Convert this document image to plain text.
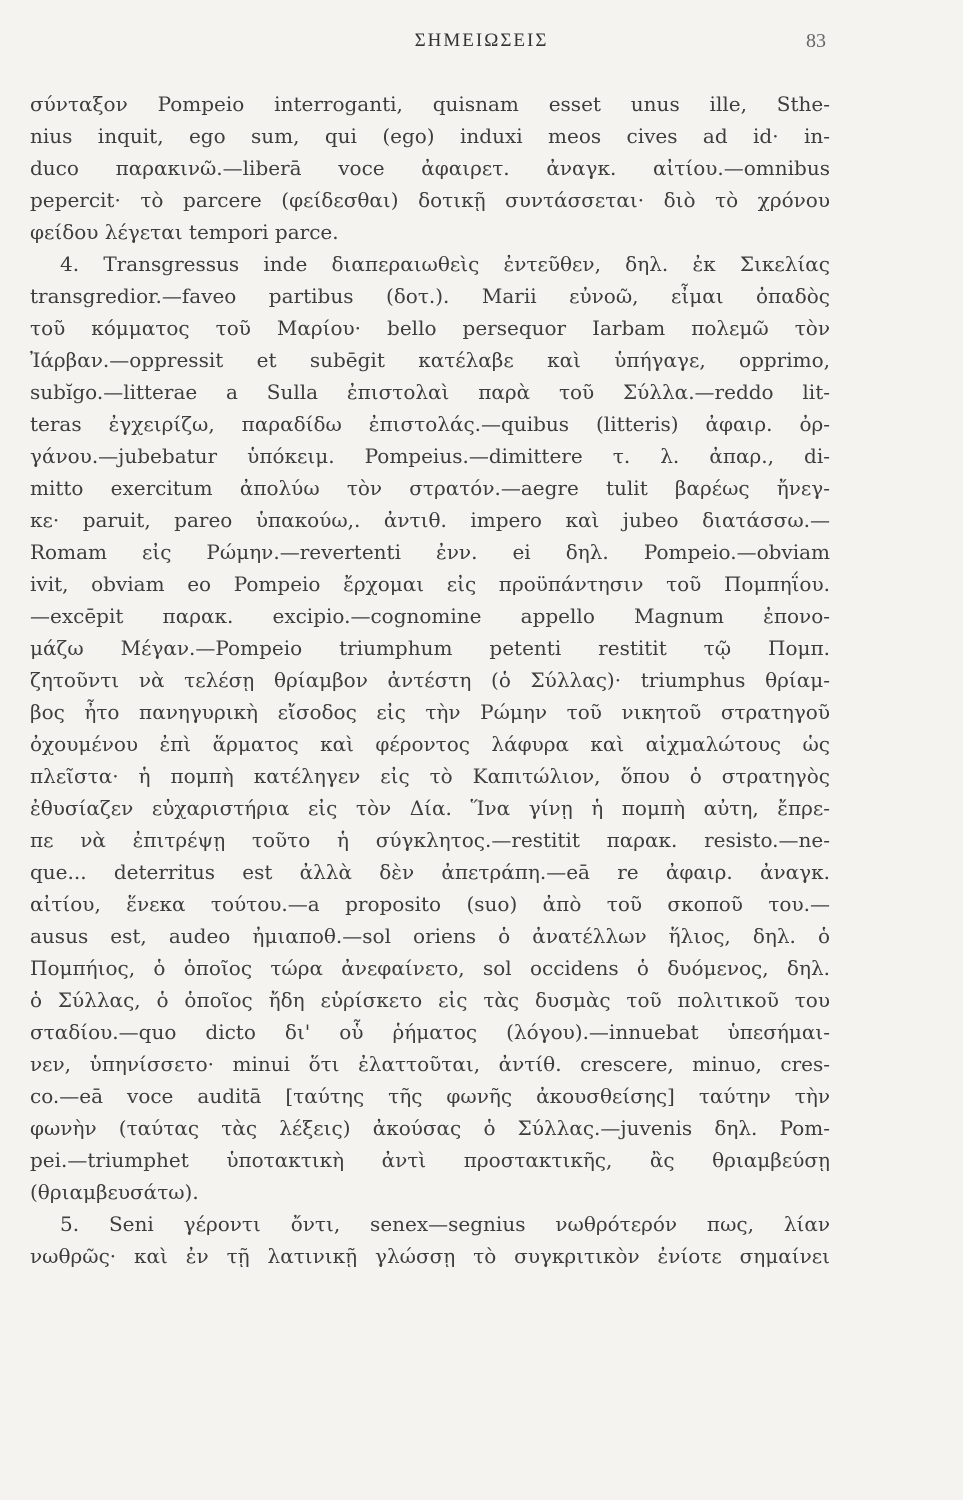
ΣΗΜΕΙΩΣΕΙΣ	83
σύνταξον Pompeio interroganti, quisnam esset unus ille, Sthe-
nius inquit, ego sum, qui (ego) induxi meos cives ad id· in-
duco παρακινῶ.—liberā voce ἀφαιρετ. ἀναγκ. αἰτίου.—omnibus
pepercit· τὸ parcere (φείδεσθαι) δοτικῇ συντάσσεται· διὸ τὸ χρόνου
φείδου λέγεται tempori parce.
4. Transgressus inde διαπεραιωθεὶς ἐντεῦθεν, δηλ. ἐκ Σικελίας
transgredior.—faveo partibus (δοτ.). Marii εὐνοῶ, εἶμαι ὀπαδὸς
τοῦ κόμματος τοῦ Μαρίου· bello persequor Iarbam πολεμῶ τὸν
Ἰάρβαν.—oppressit et subēgit κατέλαβε καὶ ὑπήγαγε, opprimo,
subĭgo.—litterae a Sulla ἐπιστολαὶ παρὰ τοῦ Σύλλα.—reddo lit-
teras ἐγχειρίζω, παραδίδω ἐπιστολάς.—quibus (litteris) ἀφαιρ. ὀρ-
γάνου.—jubebatur ὑπόκειμ. Pompeius.—dimittere τ. λ. ἀπαρ., di-
mitto exercitum ἀπολύω τὸν στρατόν.—aegre tulit βαρέως ἤνεγ-
κε· paruit, pareo ὑπακούω,. ἀντιθ. impero καὶ jubeo διατάσσω.—
Romam εἰς Ρώμην.—revertenti ἐνν. ei δηλ. Pompeio.—obviam
ivit, obviam eo Pompeio ἔρχομαι εἰς προϋπάντησιν τοῦ Πομπηΐου.
—excēpit παρακ. excipio.—cognomine appello Magnum ἐπονο-
μάζω Μέγαν.—Pompeio triumphum petenti restitit τῷ Πομπ.
ζητοῦντι νὰ τελέσῃ θρίαμβον ἀντέστη (ὁ Σύλλας)· triumphus θρίαμ-
βος ἦτο πανηγυρικὴ εἴσοδος εἰς τὴν Ρώμην τοῦ νικητοῦ στρατηγοῦ
ὀχουμένου ἐπὶ ἅρματος καὶ φέροντος λάφυρα καὶ αἰχμαλώτους ὡς
πλεῖστα· ἡ πομπὴ κατέληγεν εἰς τὸ Καπιτώλιον, ὅπου ὁ στρατηγὸς
ἐθυσίαζεν εὐχαριστήρια εἰς τὸν Δία. Ἵνα γίνῃ ἡ πομπὴ αὐτη, ἔπρε-
πε νὰ ἐπιτρέψῃ τοῦτο ἡ σύγκλητος.—restitit παρακ. resisto.—ne-
que... deterritus est ἀλλὰ δὲν ἀπετράπη.—eā re ἀφαιρ. ἀναγκ.
αἰτίου, ἕνεκα τούτου.—a proposito (suo) ἀπὸ τοῦ σκοποῦ του.—
ausus est, audeo ἠμιαποθ.—sol oriens ὁ ἀνατέλλων ἥλιος, δηλ. ὁ
Πομπήιος, ὁ ὁποῖος τώρα ἀνεφαίνετο, sol occidens ὁ δυόμενος, δηλ.
ὁ Σύλλας, ὁ ὁποῖος ἤδη εὑρίσκετο εἰς τὰς δυσμὰς τοῦ πολιτικοῦ του
σταδίου.—quo dicto δι' οὗ ῥήματος (λόγου).—innuebat ὑπεσήμαι-
νεν, ὑπηνίσσετο· minui ὅτι ἐλαττοῦται, ἀντίθ. crescere, minuo, cres-
co.—eā voce auditā [ταύτης τῆς φωνῆς ἀκουσθείσης] ταύτην τὴν
φωνὴν (ταύτας τὰς λέξεις) ἀκούσας ὁ Σύλλας.—juvenis δηλ. Pom-
pei.—triumphet ὑποτακτικὴ ἀντὶ προστακτικῆς, ἂς θριαμβεύσῃ
(θριαμβευσάτω).
5. Seni γέροντι ὄντι, senex—segnius νωθρότερόν πως, λίαν
νωθρῶς· καὶ ἐν τῇ λατινικῇ γλώσσῃ τὸ συγκριτικὸν ἐνίοτε σημαίνει
